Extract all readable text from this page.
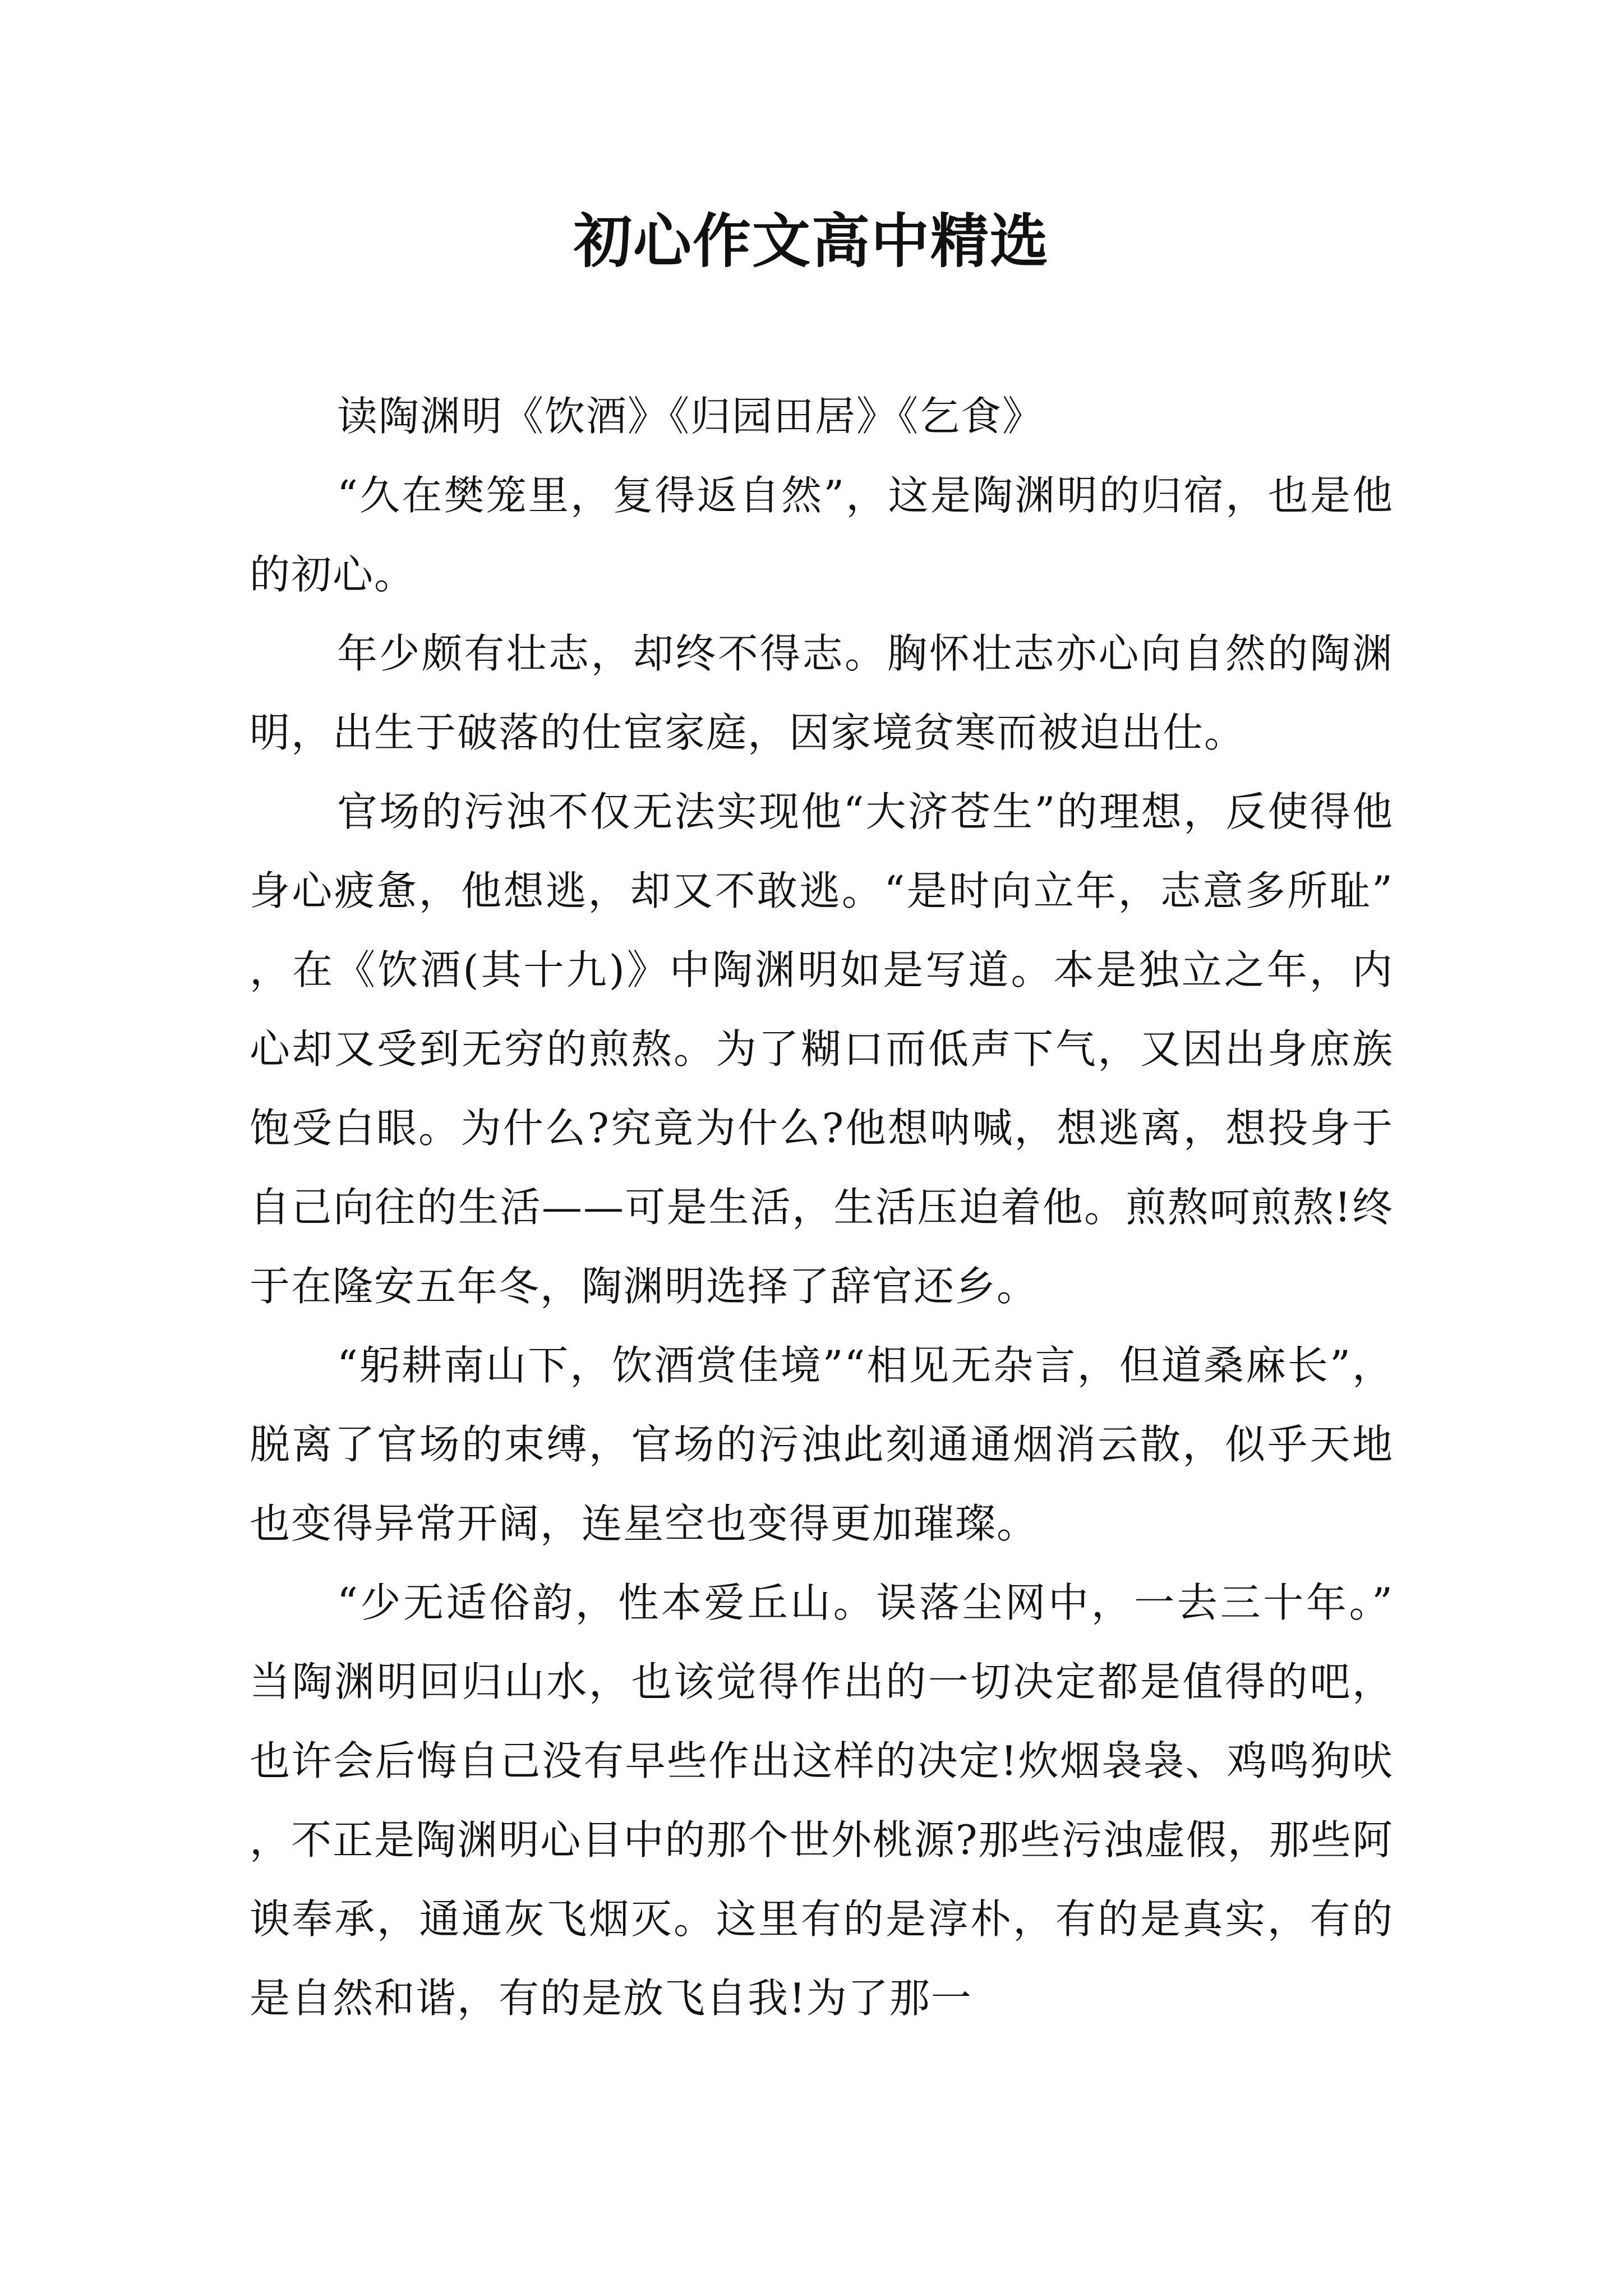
初心作文高中精选

读陶渊明《饮酒》《归园田居》《乞食》

“久在樊笼里，复得返自然”，这是陶渊明的归宿，也是他的初心。

年少颇有壮志，却终不得志。胸怀壮志亦心向自然的陶渊明，出生于破落的仕宦家庭，因家境贫寒而被迫出仕。

官场的污浊不仅无法实现他“大济苍生”的理想，反使得他身心疲惫，他想逃，却又不敢逃。“是时向立年，志意多所耻”，在《饮酒(其十九)》中陶渊明如是写道。本是独立之年，内心却又受到无穷的煎熬。为了糊口而低声下气，又因出身庶族饱受白眼。为什么?究竟为什么?他想呐喊，想逃离，想投身于自己向往的生活——可是生活，生活压迫着他。煎熬呵煎熬!终于在隆安五年冬，陶渊明选择了辞官还乡。

“躬耕南山下，饮酒赏佳境”“相见无杂言，但道桑麻长”，脱离了官场的束缚，官场的污浊此刻通通烟消云散，似乎天地也变得异常开阔，连星空也变得更加璀璨。

“少无适俗韵，性本爱丘山。误落尘网中，一去三十年。”当陶渊明回归山水，也该觉得作出的一切决定都是值得的吧，也许会后悔自己没有早些作出这样的决定!炊烟袅袅、鸡鸣狗吠，不正是陶渊明心目中的那个世外桃源?那些污浊虚假，那些阿谀奉承，通通灰飞烟灭。这里有的是淳朴，有的是真实，有的是自然和谐，有的是放飞自我!为了那一
